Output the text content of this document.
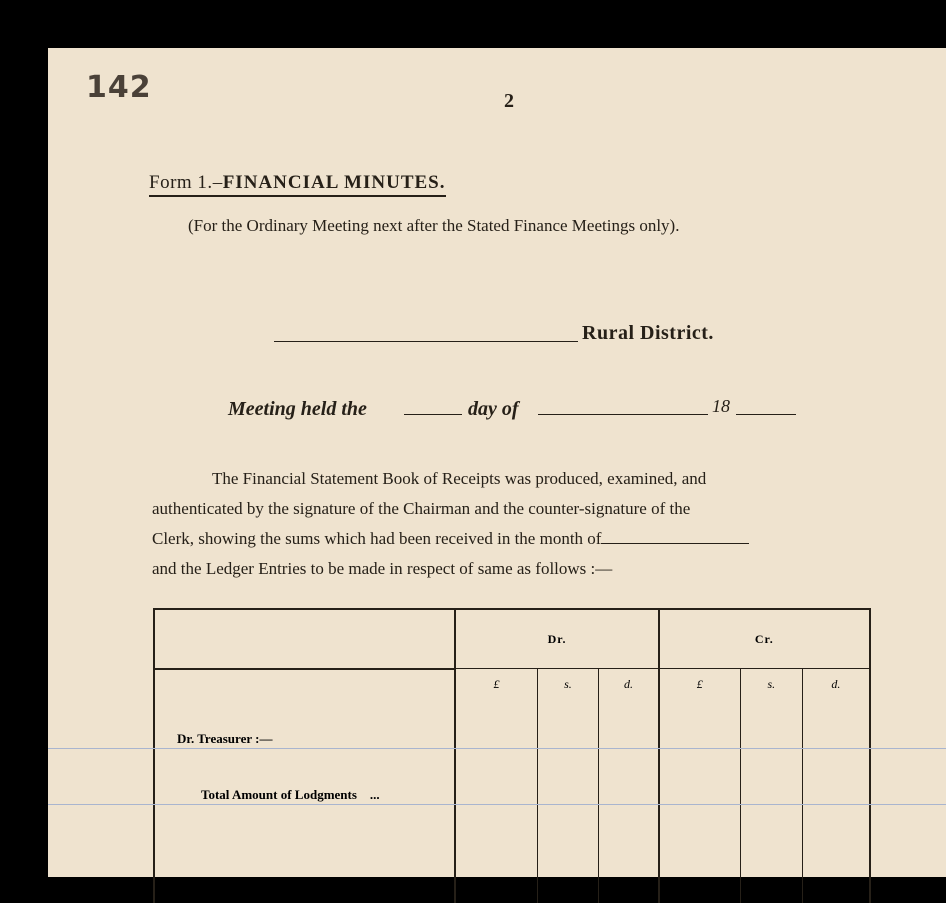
142	2
Form 1.–FINANCIAL MINUTES.
(For the Ordinary Meeting next after the Stated Finance Meetings only).
Rural District.
Meeting held the	day of	18
The Financial Statement Book of Receipts was produced, examined, and
authenticated by the signature of the Chairman and the counter-signature of the
Clerk, showing the sums which had been received in the month of
and the Ledger Entries to be made in respect of same as follows :—
	Dr.			Cr.		
	£	s.	d.	£	s.	d.
Dr. Treasurer :—						
Total Amount of Lodgments ...						
Cr. County Council, Money supplied on						
